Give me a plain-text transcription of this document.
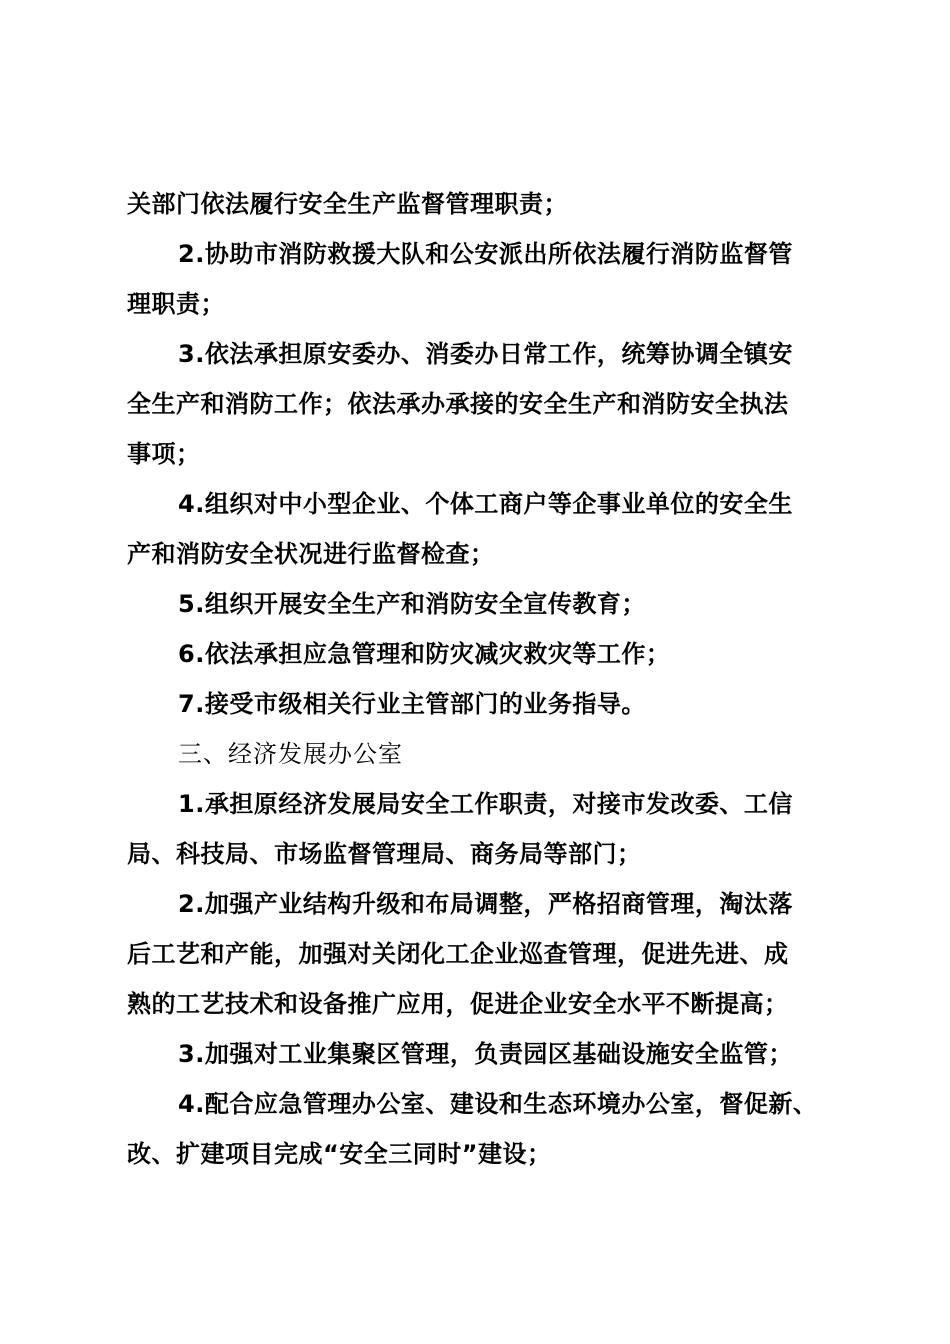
关部门依法履行安全生产监督管理职责；
2.协助市消防救援大队和公安派出所依法履行消防监督管
理职责；
3.依法承担原安委办、消委办日常工作，统筹协调全镇安
全生产和消防工作；依法承办承接的安全生产和消防安全执法
事项；
4.组织对中小型企业、个体工商户等企事业单位的安全生
产和消防安全状况进行监督检查；
5.组织开展安全生产和消防安全宣传教育；
6.依法承担应急管理和防灾减灾救灾等工作；
7.接受市级相关行业主管部门的业务指导。
三、经济发展办公室
1.承担原经济发展局安全工作职责，对接市发改委、工信
局、科技局、市场监督管理局、商务局等部门；
2.加强产业结构升级和布局调整，严格招商管理，淘汰落
后工艺和产能，加强对关闭化工企业巡查管理，促进先进、成
熟的工艺技术和设备推广应用，促进企业安全水平不断提高；
3.加强对工业集聚区管理，负责园区基础设施安全监管；
4.配合应急管理办公室、建设和生态环境办公室，督促新、
改、扩建项目完成“安全三同时”建设；
